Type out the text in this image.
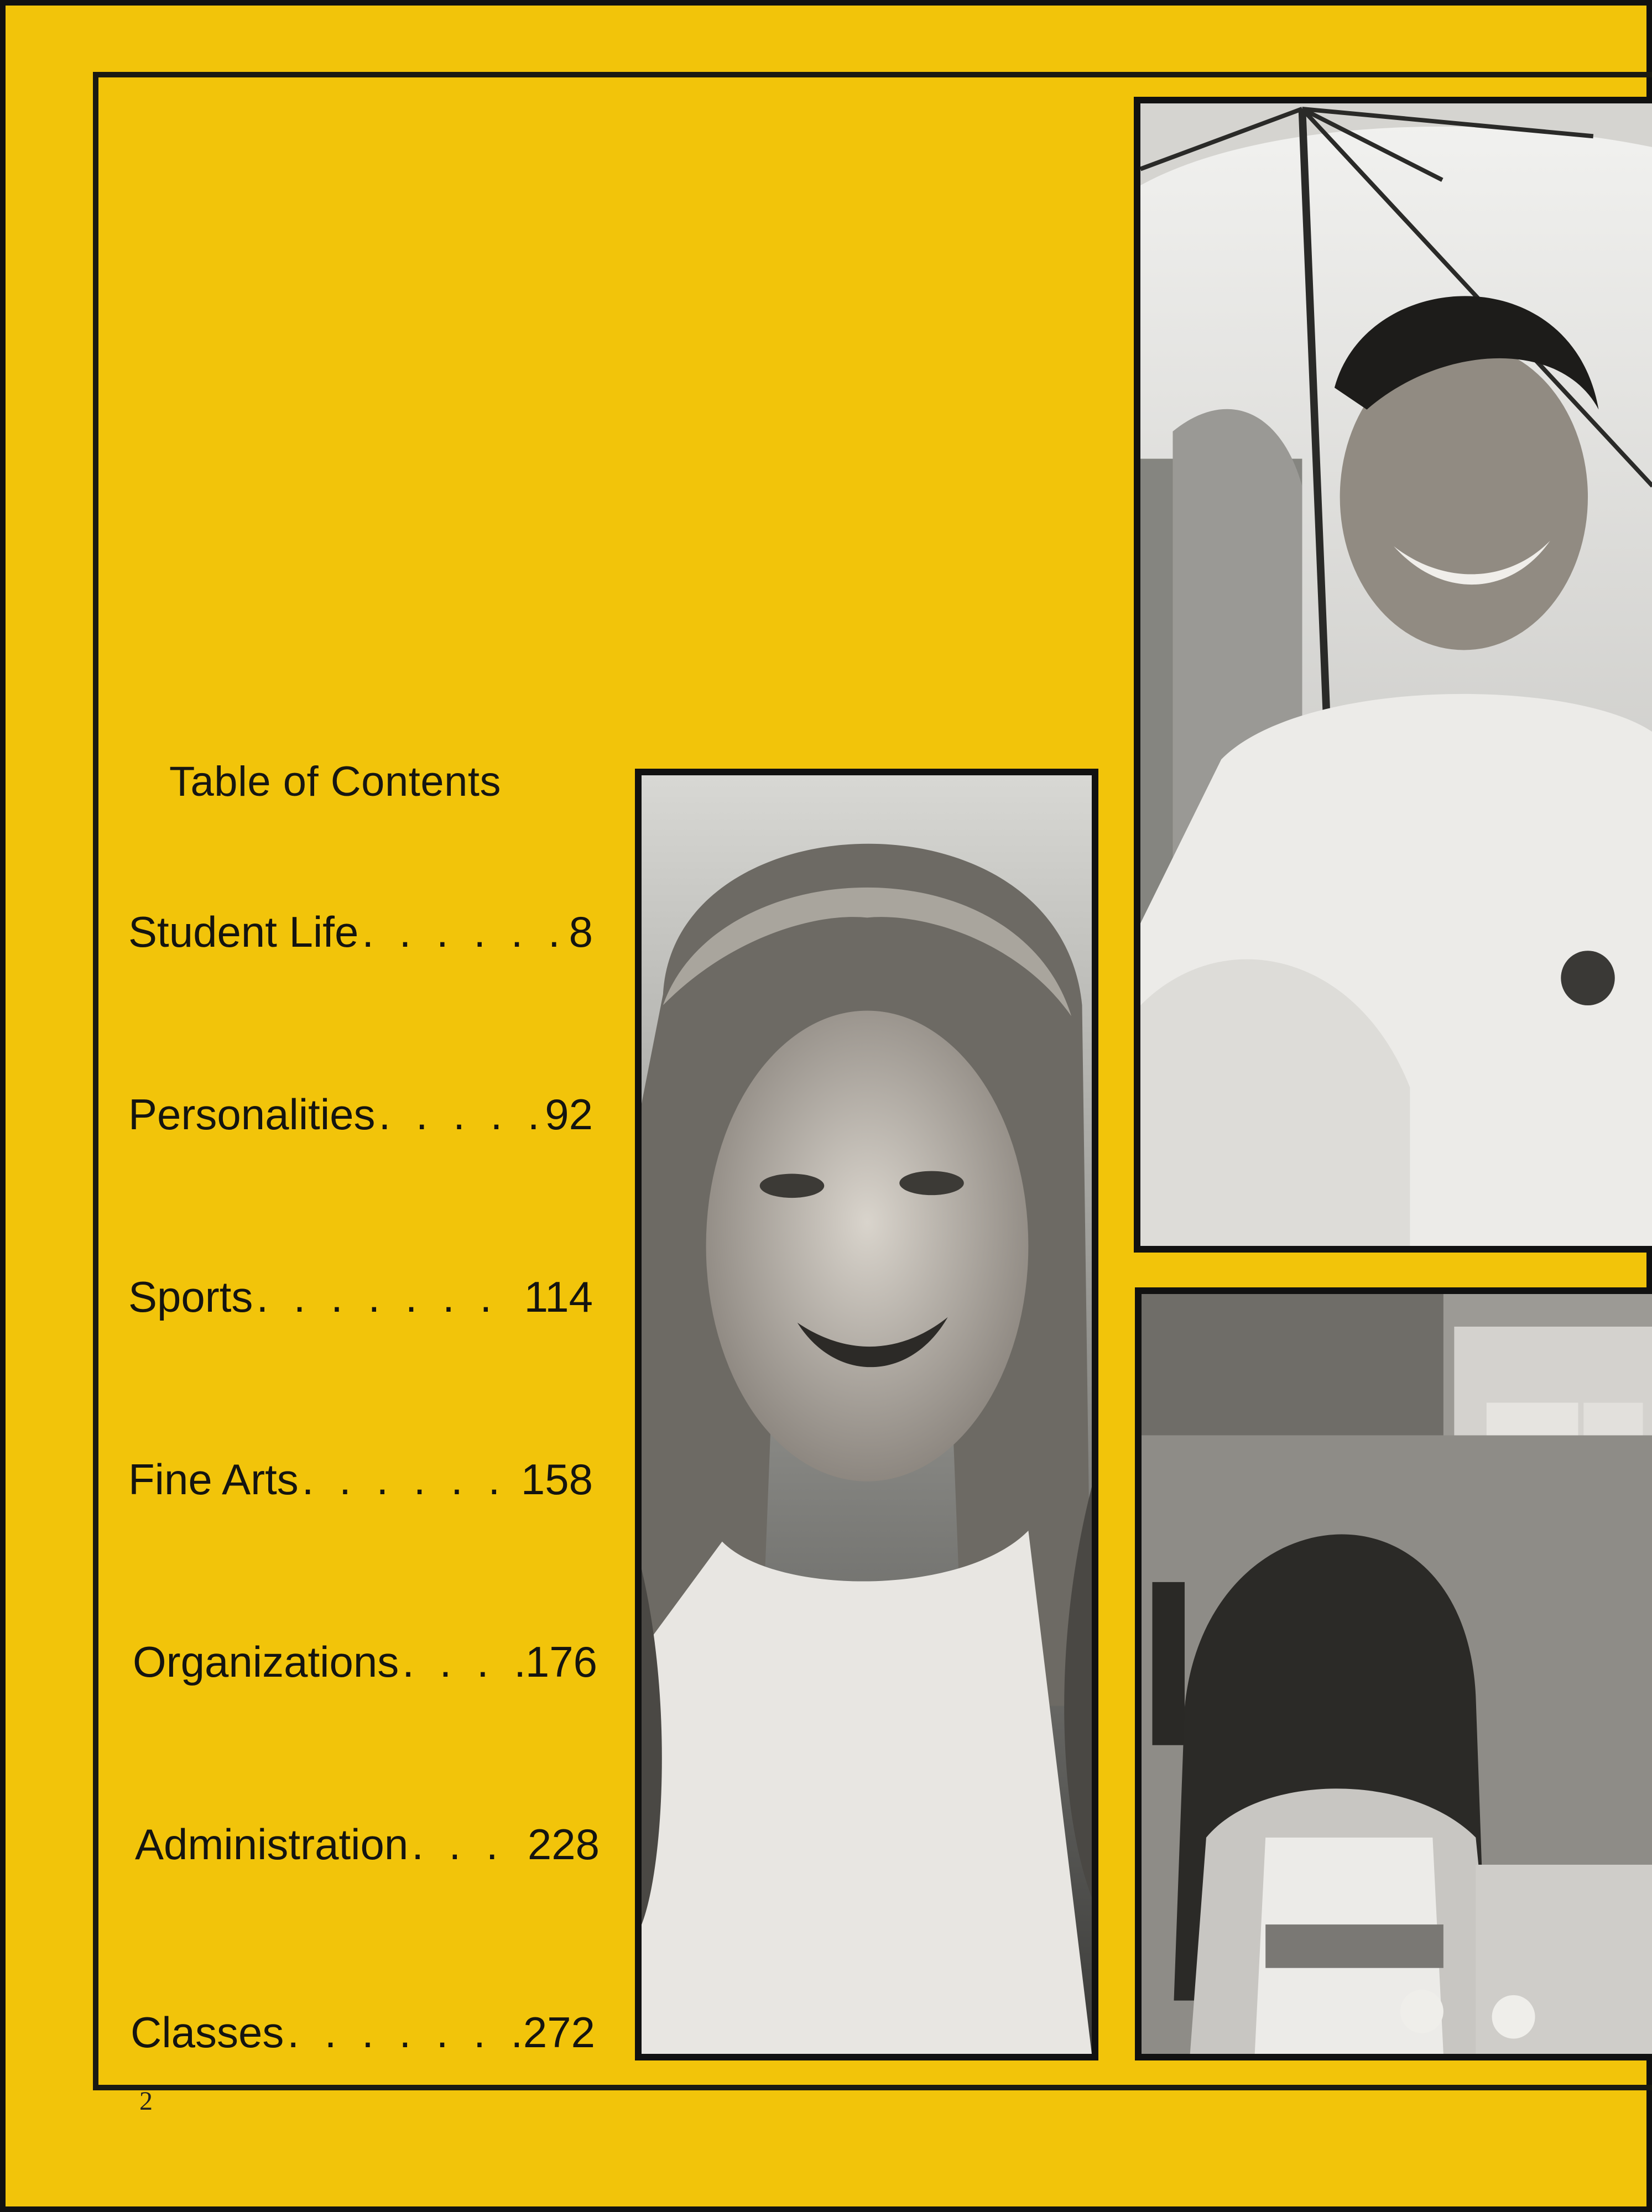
Table of Contents
Student Life . . .	8
Personalities . . .	92
Sports . . .	114
Fine Arts . . .	158
Organizations . . .	176
Administration . . .	228
Classes . . .	272
2
